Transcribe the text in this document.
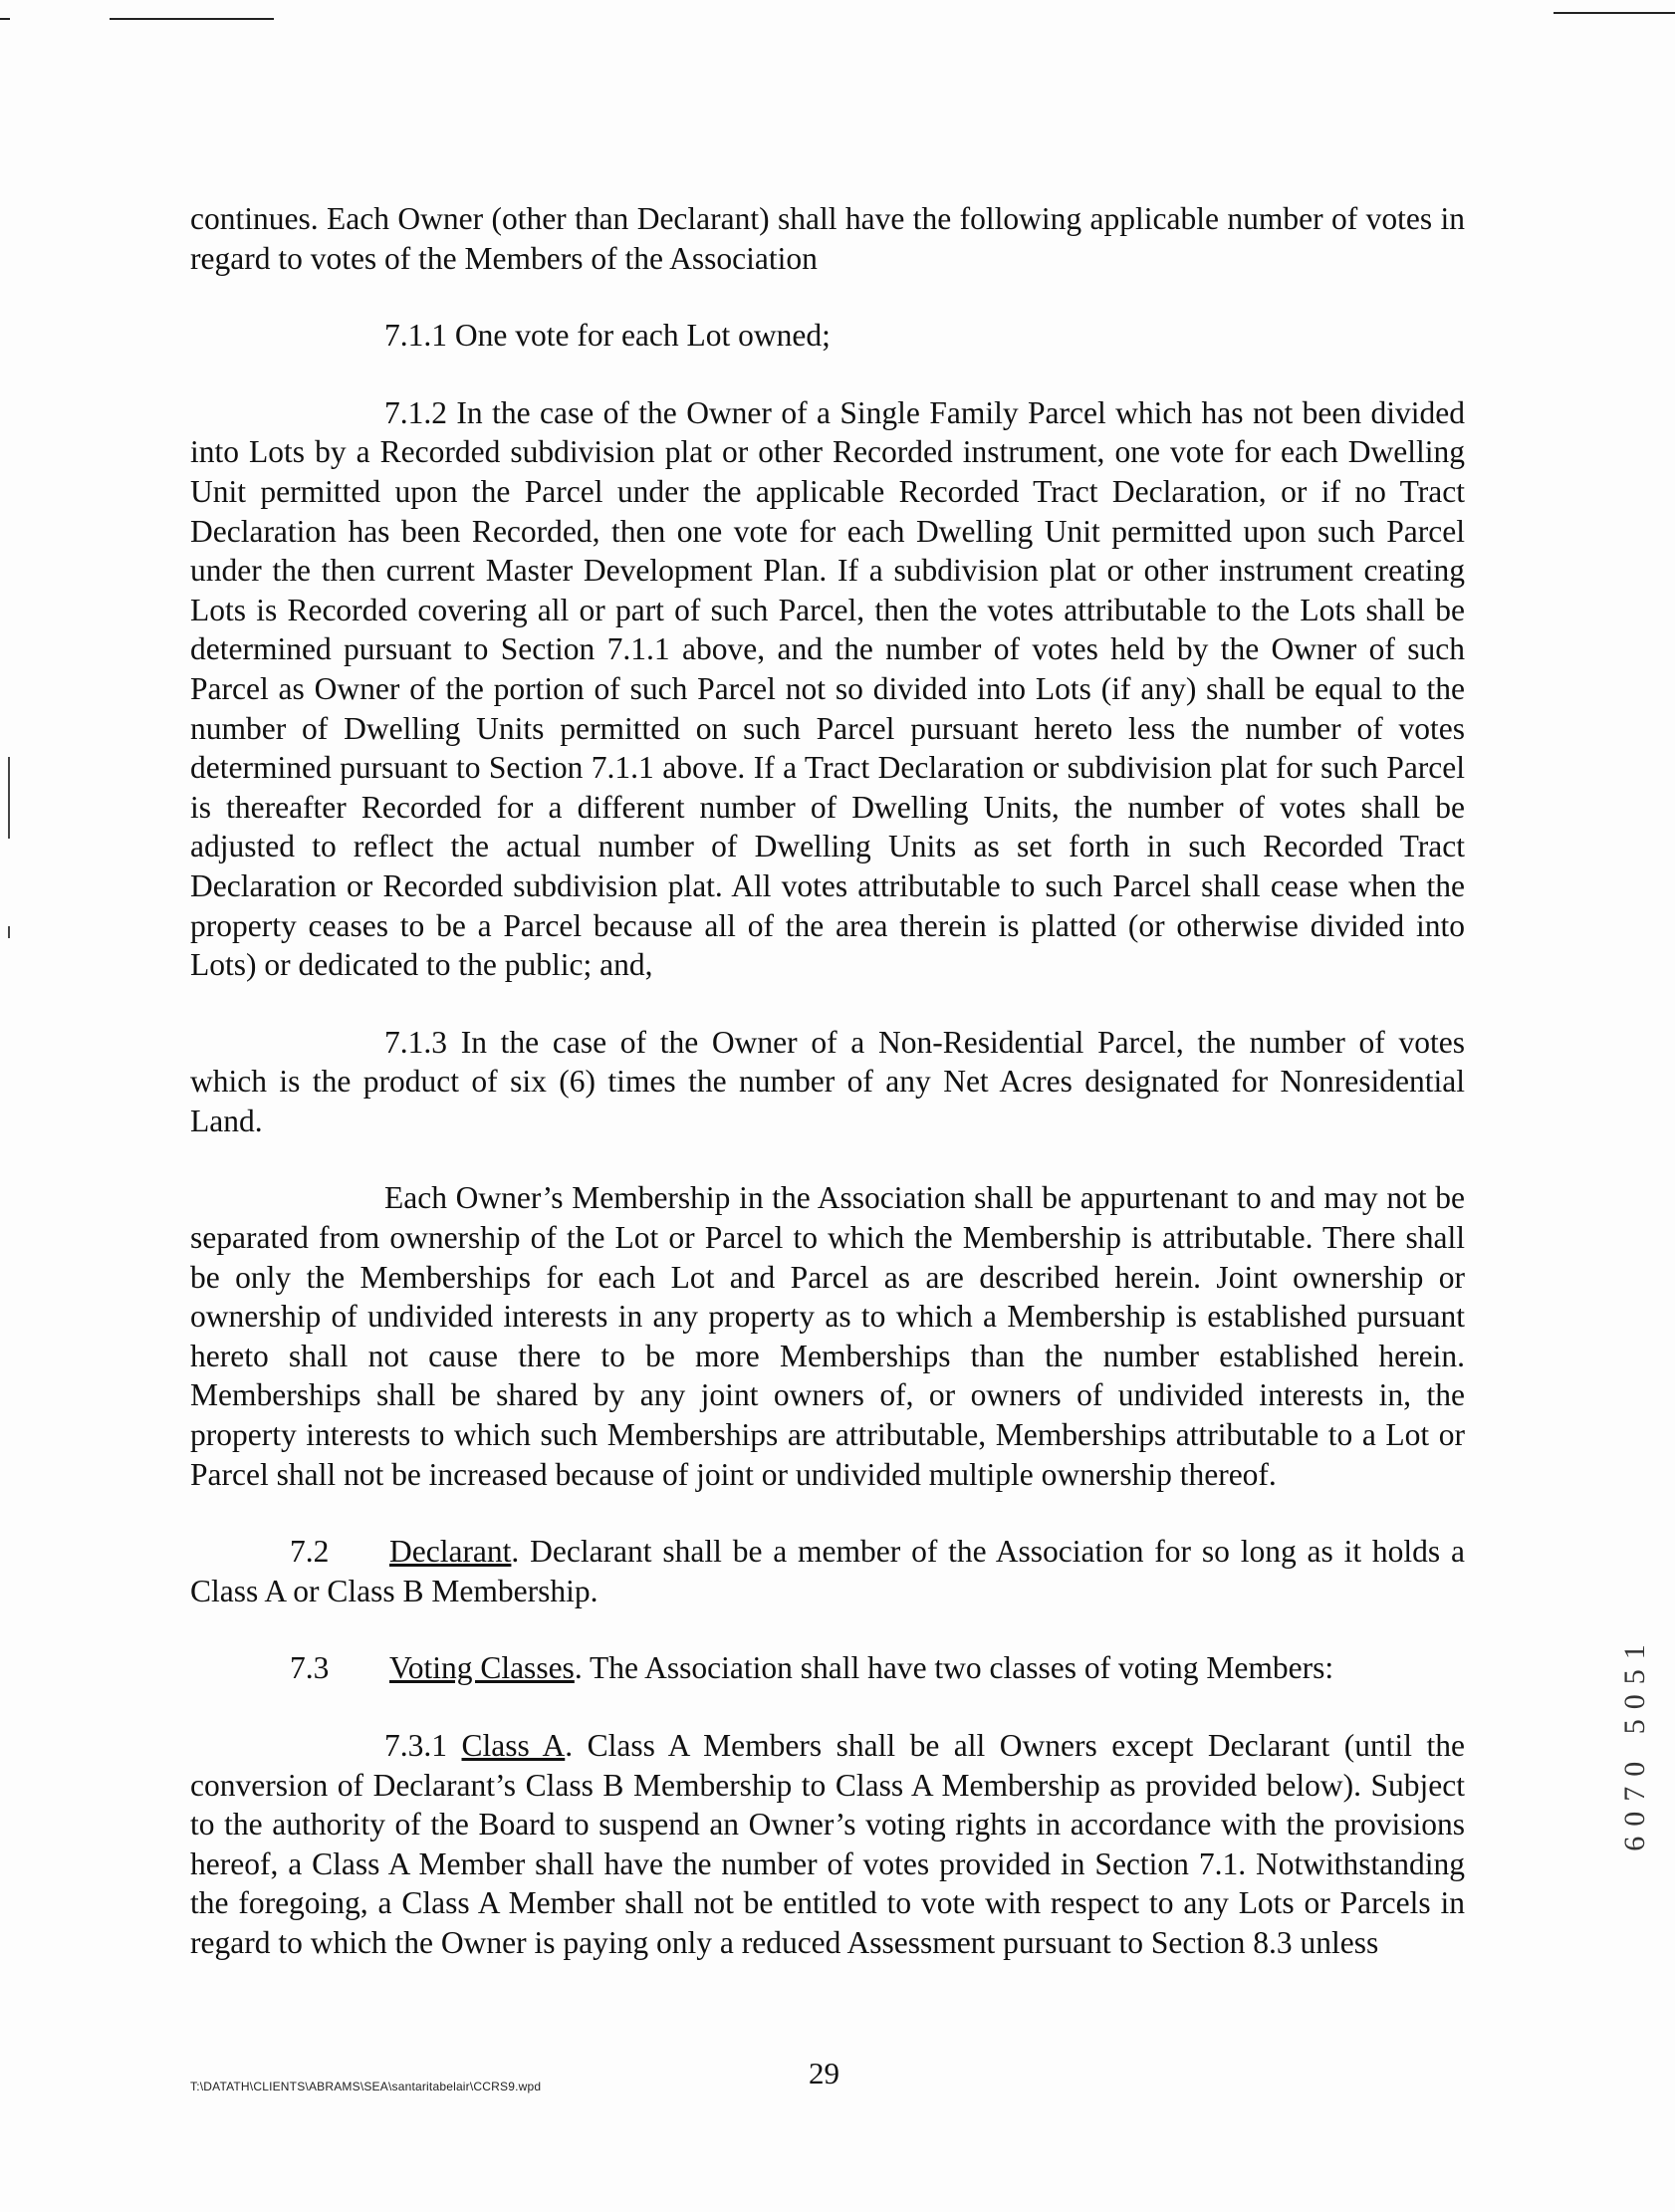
continues. Each Owner (other than Declarant) shall have the following applicable number of votes in regard to votes of the Members of the Association

7.1.1 One vote for each Lot owned;

7.1.2 In the case of the Owner of a Single Family Parcel which has not been divided into Lots by a Recorded subdivision plat or other Recorded instrument, one vote for each Dwelling Unit permitted upon the Parcel under the applicable Recorded Tract Declaration, or if no Tract Declaration has been Recorded, then one vote for each Dwelling Unit permitted upon such Parcel under the then current Master Development Plan. If a subdivision plat or other instrument creating Lots is Recorded covering all or part of such Parcel, then the votes attributable to the Lots shall be determined pursuant to Section 7.1.1 above, and the number of votes held by the Owner of such Parcel as Owner of the portion of such Parcel not so divided into Lots (if any) shall be equal to the number of Dwelling Units permitted on such Parcel pursuant hereto less the number of votes determined pursuant to Section 7.1.1 above. If a Tract Declaration or subdivision plat for such Parcel is thereafter Recorded for a different number of Dwelling Units, the number of votes shall be adjusted to reflect the actual number of Dwelling Units as set forth in such Recorded Tract Declaration or Recorded subdivision plat. All votes attributable to such Parcel shall cease when the property ceases to be a Parcel because all of the area therein is platted (or otherwise divided into Lots) or dedicated to the public; and,

7.1.3 In the case of the Owner of a Non-Residential Parcel, the number of votes which is the product of six (6) times the number of any Net Acres designated for Nonresidential Land.

Each Owner’s Membership in the Association shall be appurtenant to and may not be separated from ownership of the Lot or Parcel to which the Membership is attributable. There shall be only the Memberships for each Lot and Parcel as are described herein. Joint ownership or ownership of undivided interests in any property as to which a Membership is established pursuant hereto shall not cause there to be more Memberships than the number established herein. Memberships shall be shared by any joint owners of, or owners of undivided interests in, the property interests to which such Memberships are attributable, Memberships attributable to a Lot or Parcel shall not be increased because of joint or undivided multiple ownership thereof.

7.2 Declarant. Declarant shall be a member of the Association for so long as it holds a Class A or Class B Membership.

7.3 Voting Classes. The Association shall have two classes of voting Members:

7.3.1 Class A. Class A Members shall be all Owners except Declarant (until the conversion of Declarant’s Class B Membership to Class A Membership as provided below). Subject to the authority of the Board to suspend an Owner’s voting rights in accordance with the provisions hereof, a Class A Member shall have the number of votes provided in Section 7.1. Notwithstanding the foregoing, a Class A Member shall not be entitled to vote with respect to any Lots or Parcels in regard to which the Owner is paying only a reduced Assessment pursuant to Section 8.3 unless

29
T:\DATATH\CLIENTS\ABRAMS\SEA\santaritabelair\CCRS9.wpd
6070 5051
